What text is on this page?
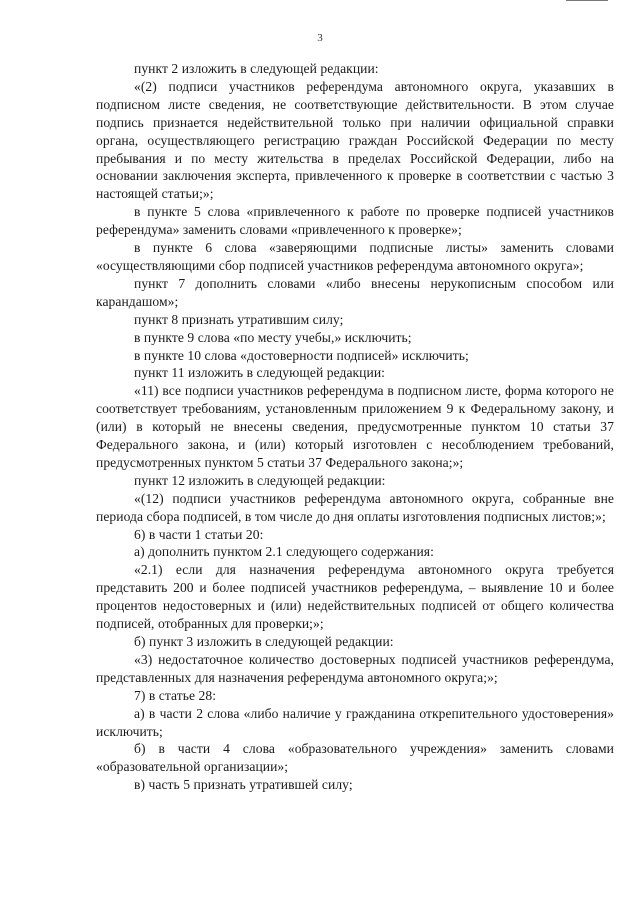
3

пункт 2 изложить в следующей редакции:

«(2) подписи участников референдума автономного округа, указавших в подписном листе сведения, не соответствующие действительности. В этом случае подпись признается недействительной только при наличии официальной справки органа, осуществляющего регистрацию граждан Российской Федерации по месту пребывания и по месту жительства в пределах Российской Федерации, либо на основании заключения эксперта, привлеченного к проверке в соответствии с частью 3 настоящей статьи;»;

в пункте 5 слова «привлеченного к работе по проверке подписей участников референдума» заменить словами «привлеченного к проверке»;

в пункте 6 слова «заверяющими подписные листы» заменить словами «осуществляющими сбор подписей участников референдума автономного округа»;

пункт 7 дополнить словами «либо внесены нерукописным способом или карандашом»;

пункт 8 признать утратившим силу;

в пункте 9 слова «по месту учебы,» исключить;

в пункте 10 слова «достоверности подписей» исключить;

пункт 11 изложить в следующей редакции:

«11) все подписи участников референдума в подписном листе, форма которого не соответствует требованиям, установленным приложением 9 к Федеральному закону, и (или) в который не внесены сведения, предусмотренные пунктом 10 статьи 37 Федерального закона, и (или) который изготовлен с несоблюдением требований, предусмотренных пунктом 5 статьи 37 Федерального закона;»;

пункт 12 изложить в следующей редакции:

«(12) подписи участников референдума автономного округа, собранные вне периода сбора подписей, в том числе до дня оплаты изготовления подписных листов;»;

6) в части 1 статьи 20:

а) дополнить пунктом 2.1 следующего содержания:

«2.1) если для назначения референдума автономного округа требуется представить 200 и более подписей участников референдума, – выявление 10 и более процентов недостоверных и (или) недействительных подписей от общего количества подписей, отобранных для проверки;»;

б) пункт 3 изложить в следующей редакции:

«3) недостаточное количество достоверных подписей участников референдума, представленных для назначения референдума автономного округа;»;

7) в статье 28:

а) в части 2 слова «либо наличие у гражданина открепительного удостоверения» исключить;

б) в части 4 слова «образовательного учреждения» заменить словами «образовательной организации»;

в) часть 5 признать утратившей силу;
